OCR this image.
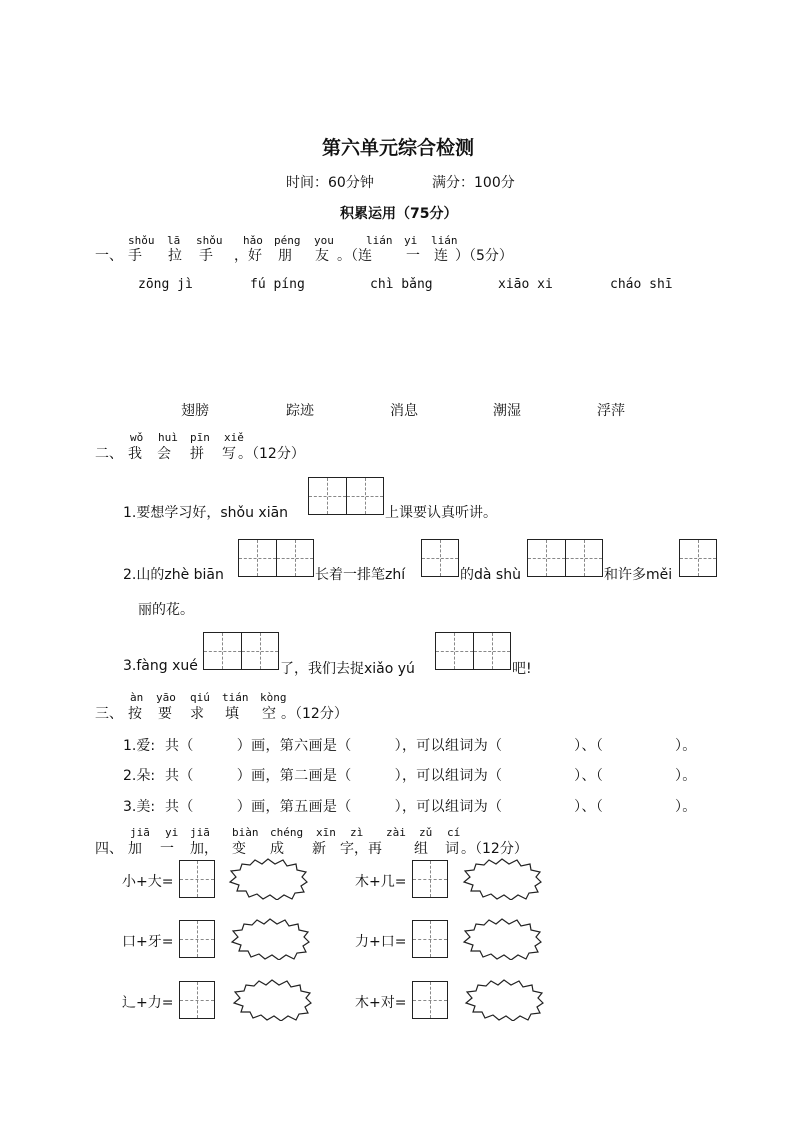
第六单元综合检测
时间：60分钟	满分：100分
积累运用（75分）
shǒu lā shǒu hǎo péng you	lián yi lián
一、 手 拉 手 ，好 朋 友 。（连 一 连 ）（5分）
zōng jì	fú píng	chì bǎng	xiāo xi	cháo shī
翅膀	踪迹	消息	潮湿	浮萍
wǒ huì pīn xiě
二、 我 会 拼 写 。（12分）
1.要想学习好，shǒu xiān	上课要认真听讲。
2.山的zhè biān	长着一排笔zhí	的dà shù	和许多měi
丽的花。
3.fàng xué	了，我们去捉xiǎo yú	吧!
àn yāo qiú tián kòng
三、 按 要 求 填 空 。（12分）
1.爱: 共（　　　）画，第六画是（　　　），可以组词为（　　　　　）、（　　　　　）。
2.朵: 共（　　　）画，第二画是（　　　），可以组词为（　　　　　）、（　　　　　）。
3.美: 共（　　　）画，第五画是（　　　），可以组词为（　　　　　）、（　　　　　）。
jiā yi jiā biàn chéng xīn zì zài zǔ cí
四、 加 一 加， 变 成 新 字，再 组 词 。（12分）
小+大=	木+几=
口+牙=	力+口=
辶+力=	木+对=
